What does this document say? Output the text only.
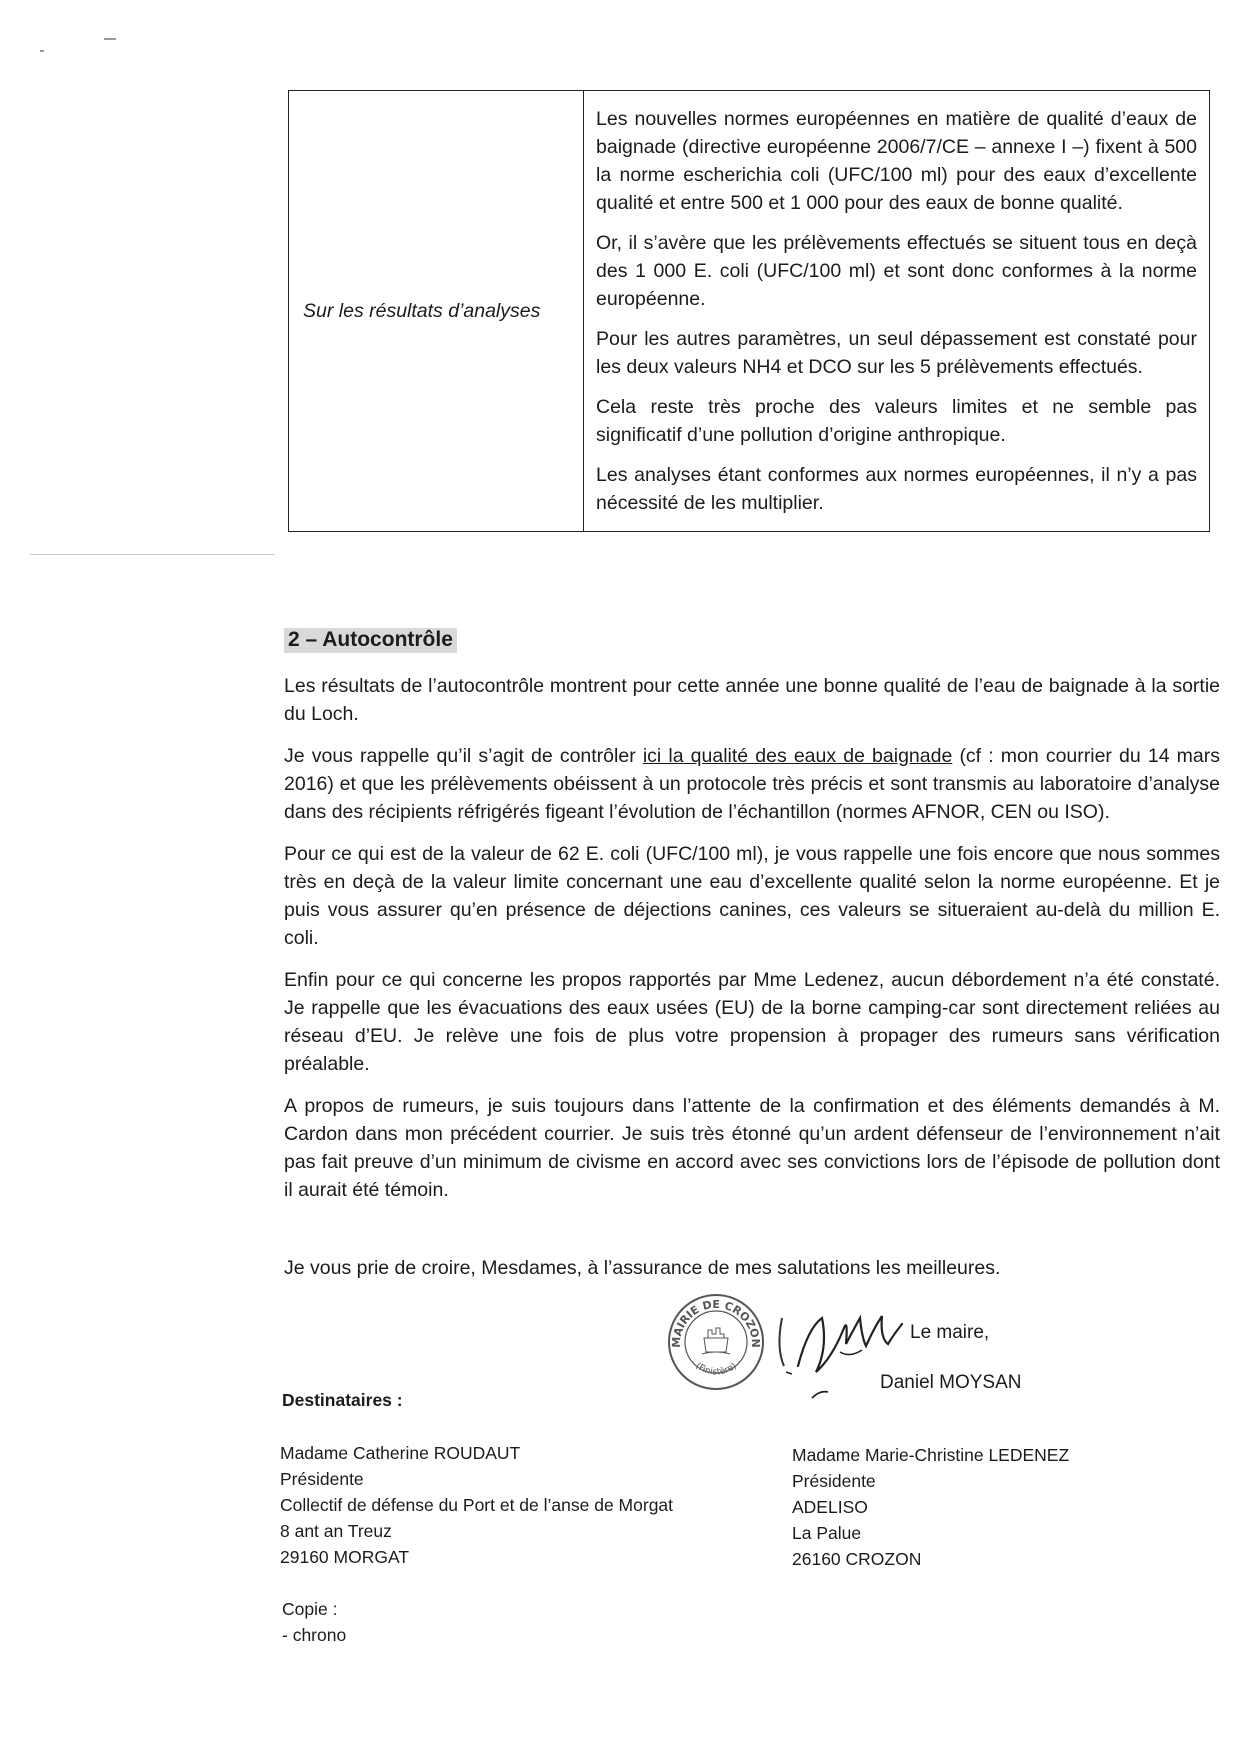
Sur les résultats d’analyses

Les nouvelles normes européennes en matière de qualité d’eaux de baignade (directive européenne 2006/7/CE – annexe I –) fixent à 500 la norme escherichia coli (UFC/100 ml) pour des eaux d’excellente qualité et entre 500 et 1 000 pour des eaux de bonne qualité.

Or, il s’avère que les prélèvements effectués se situent tous en deçà des 1 000 E. coli (UFC/100 ml) et sont donc conformes à la norme européenne.

Pour les autres paramètres, un seul dépassement est constaté pour les deux valeurs NH4 et DCO sur les 5 prélèvements effectués.

Cela reste très proche des valeurs limites et ne semble pas significatif d’une pollution d’origine anthropique.

Les analyses étant conformes aux normes européennes, il n’y a pas nécessité de les multiplier.

2 – Autocontrôle

Les résultats de l’autocontrôle montrent pour cette année une bonne qualité de l’eau de baignade à la sortie du Loch.

Je vous rappelle qu’il s’agit de contrôler ici la qualité des eaux de baignade (cf : mon courrier du 14 mars 2016) et que les prélèvements obéissent à un protocole très précis et sont transmis au laboratoire d’analyse dans des récipients réfrigérés figeant l’évolution de l’échantillon (normes AFNOR, CEN ou ISO).

Pour ce qui est de la valeur de 62 E. coli (UFC/100 ml), je vous rappelle une fois encore que nous sommes très en deçà de la valeur limite concernant une eau d’excellente qualité selon la norme européenne. Et je puis vous assurer qu’en présence de déjections canines, ces valeurs se situeraient au-delà du million E. coli.

Enfin pour ce qui concerne les propos rapportés par Mme Ledenez, aucun débordement n’a été constaté. Je rappelle que les évacuations des eaux usées (EU) de la borne camping-car sont directement reliées au réseau d’EU. Je relève une fois de plus votre propension à propager des rumeurs sans vérification préalable.

A propos de rumeurs, je suis toujours dans l’attente de la confirmation et des éléments demandés à M. Cardon dans mon précédent courrier. Je suis très étonné qu’un ardent défenseur de l’environnement n’ait pas fait preuve d’un minimum de civisme en accord avec ses convictions lors de l’épisode de pollution dont il aurait été témoin.

Je vous prie de croire, Mesdames, à l’assurance de mes salutations les meilleures.
MAIRIE DE CROZON
(Finistère)
Le maire,
Daniel MOYSAN
Destinataires :
Madame Catherine ROUDAUT
Présidente
Collectif de défense du Port et de l’anse de Morgat
8 ant an Treuz
29160 MORGAT
Madame Marie-Christine LEDENEZ
Présidente
ADELISO
La Palue
26160 CROZON
Copie :
- chrono
